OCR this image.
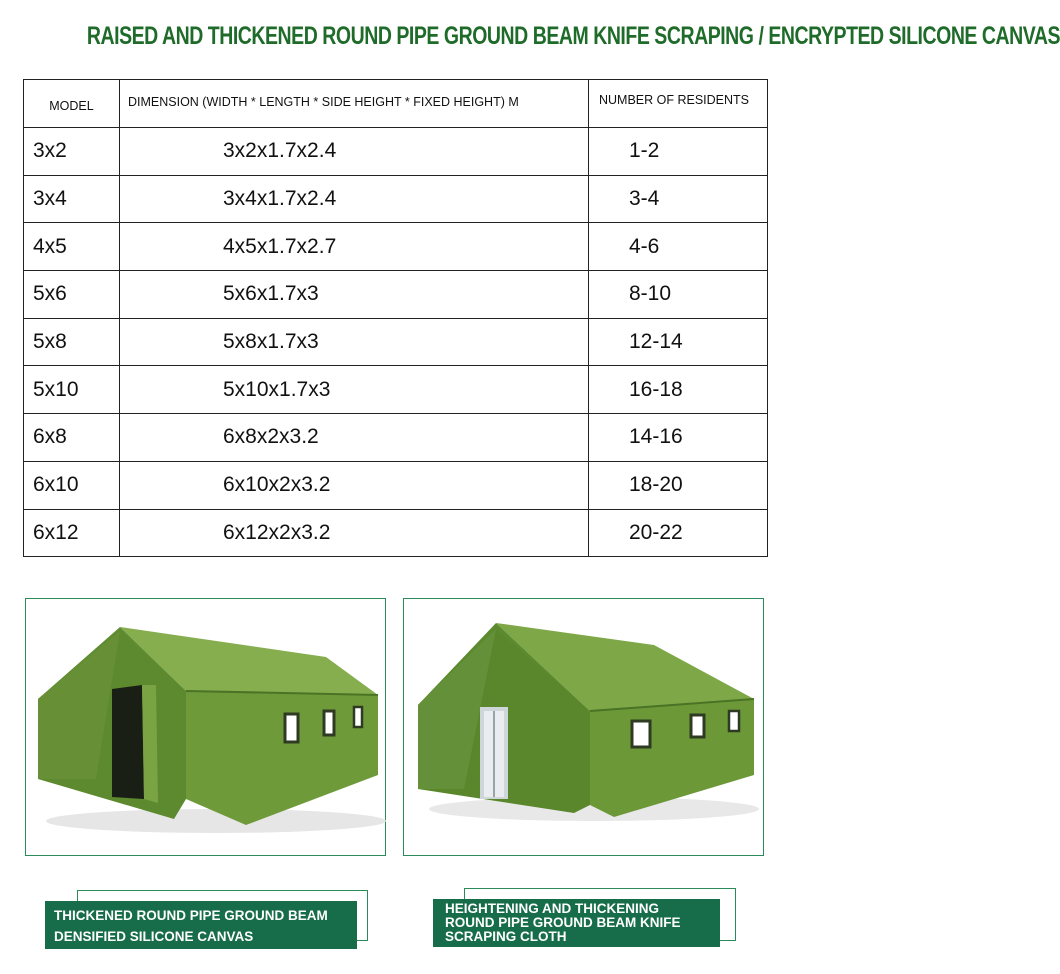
RAISED AND THICKENED ROUND PIPE GROUND BEAM KNIFE SCRAPING / ENCRYPTED SILICONE CANVAS
MODEL	DIMENSION (WIDTH * LENGTH * SIDE HEIGHT * FIXED HEIGHT) M	NUMBER OF RESIDENTS
3x2	3x2x1.7x2.4	1-2
3x4	3x4x1.7x2.4	3-4
4x5	4x5x1.7x2.7	4-6
5x6	5x6x1.7x3	8-10
5x8	5x8x1.7x3	12-14
5x10	5x10x1.7x3	16-18
6x8	6x8x2x3.2	14-16
6x10	6x10x2x3.2	18-20
6x12	6x12x2x3.2	20-22
THICKENED ROUND PIPE GROUND BEAM
DENSIFIED SILICONE CANVAS
HEIGHTENING AND THICKENING
ROUND PIPE GROUND BEAM KNIFE
SCRAPING CLOTH
